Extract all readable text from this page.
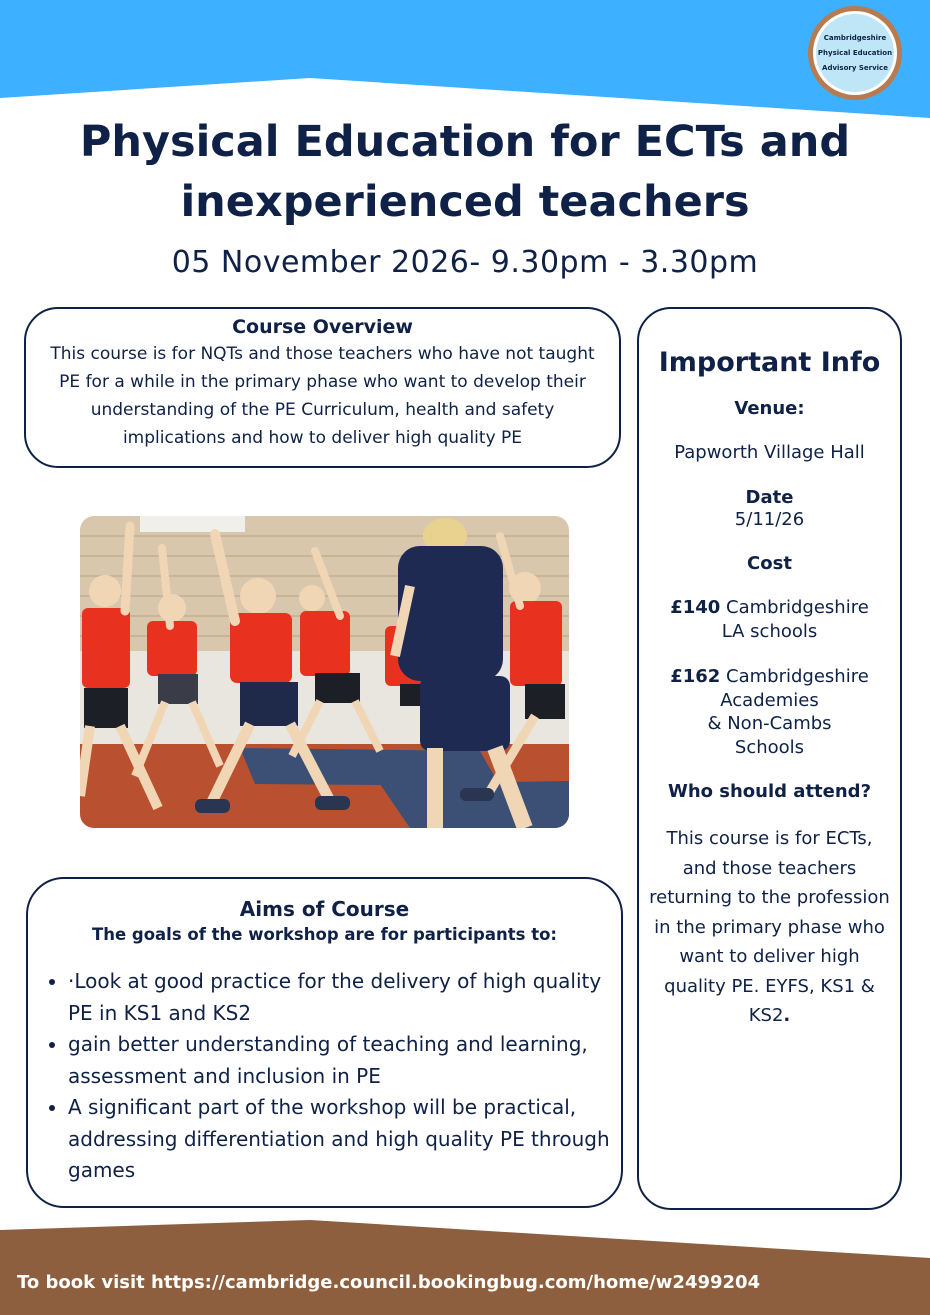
Cambridgeshire
Physical Education
Advisory Service
Physical Education for ECTs and
inexperienced teachers
05 November 2026- 9.30pm - 3.30pm
Course Overview

This course is for NQTs and those teachers who have not taught PE for a while in the primary phase who want to develop their understanding of the PE Curriculum, health and safety implications and how to deliver high quality PE

Aims of Course
The goals of the workshop are for participants to:
• ·Look at good practice for the delivery of high quality PE in KS1 and KS2
• gain better understanding of teaching and learning, assessment and inclusion in PE
• A significant part of the workshop will be practical, addressing differentiation and high quality PE through games
Important Info
Venue:
Papworth Village Hall
Date
5/11/26
Cost
£140 Cambridgeshire
LA schools
£162 Cambridgeshire
Academies
& Non-Cambs
Schools
Who should attend?
This course is for ECTs, and those teachers returning to the profession in the primary phase who want to deliver high quality PE. EYFS, KS1 & KS2.
To book visit https://cambridge.council.bookingbug.com/home/w2499204
